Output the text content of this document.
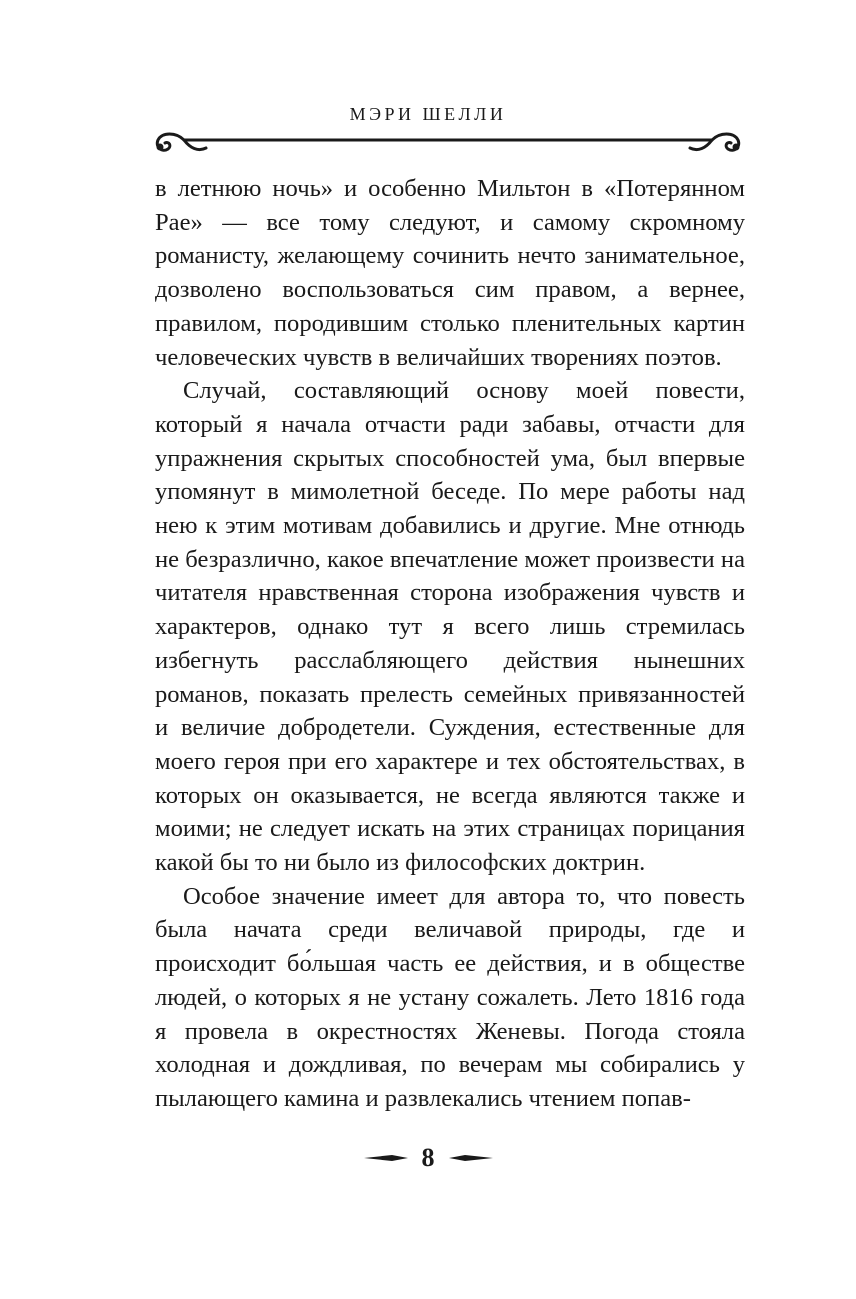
МЭРИ ШЕЛЛИ

в летнюю ночь» и особенно Мильтон в «Потерянном Рае» — все тому следуют, и самому скромному романисту, желающему сочинить нечто занимательное, дозволено воспользоваться сим правом, а вернее, правилом, породившим столько пленительных картин человеческих чувств в величайших творениях поэтов.

Случай, составляющий основу моей повести, который я начала отчасти ради забавы, отчасти для упражнения скрытых способностей ума, был впервые упомянут в мимолетной беседе. По мере работы над нею к этим мотивам добавились и другие. Мне отнюдь не безразлично, какое впечатление может произвести на читателя нравственная сторона изображения чувств и характеров, однако тут я всего лишь стремилась избегнуть расслабляющего действия нынешних романов, показать прелесть семейных привязанностей и величие добродетели. Суждения, естественные для моего героя при его характере и тех обстоятельствах, в которых он оказывается, не всегда являются также и моими; не следует искать на этих страницах порицания какой бы то ни было из философских доктрин.

Особое значение имеет для автора то, что повесть была начата среди величавой природы, где и происходит бо́льшая часть ее действия, и в обществе людей, о которых я не устану сожалеть. Лето 1816 года я провела в окрестностях Женевы. Погода стояла холодная и дождливая, по вечерам мы собирались у пылающего камина и развлекались чтением попав-

8
